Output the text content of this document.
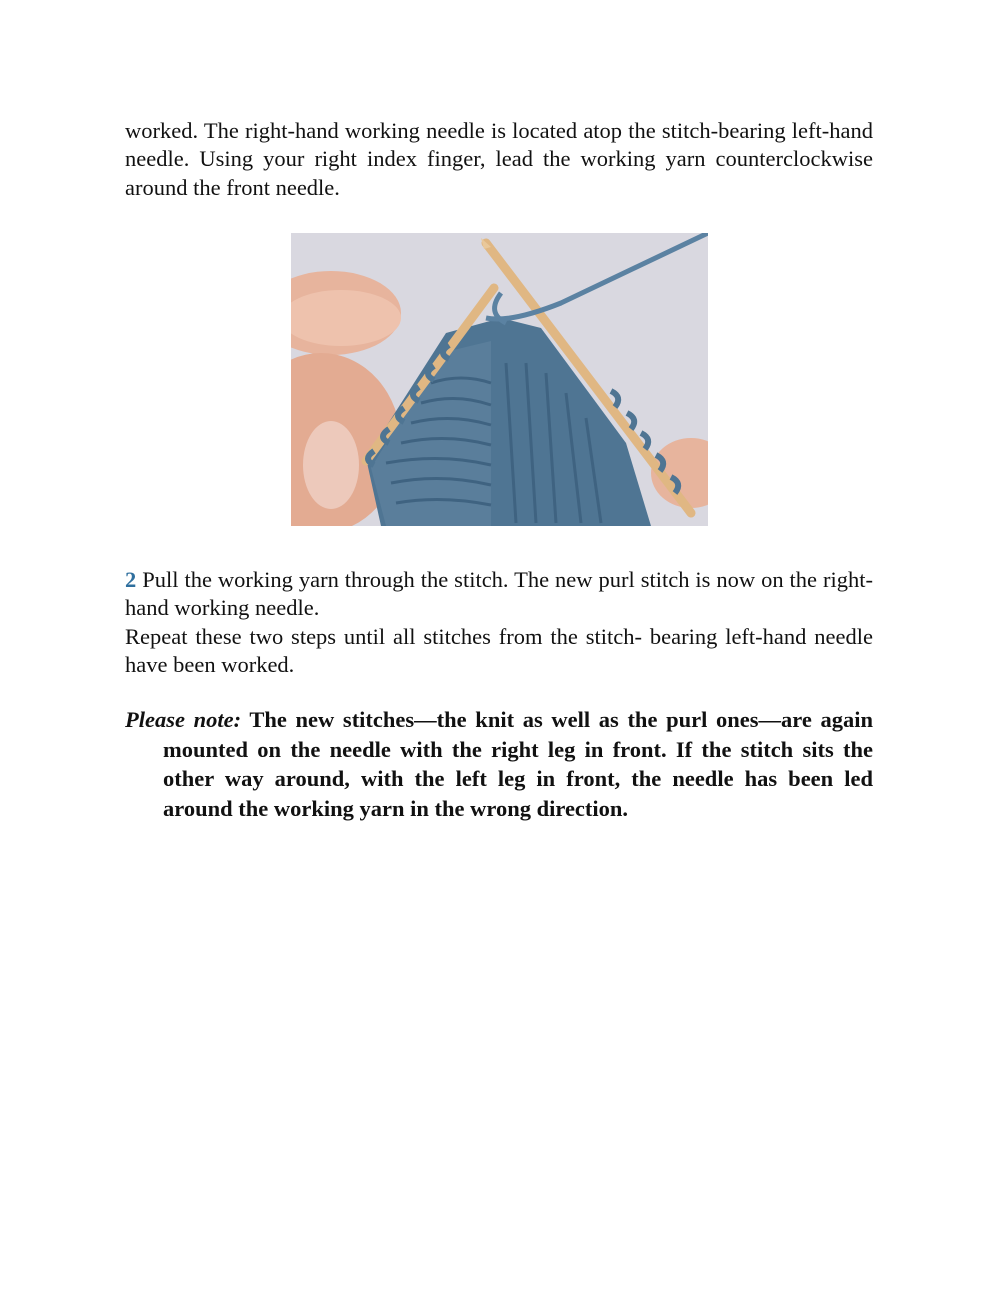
worked. The right-hand working needle is located atop the stitch-bearing left-hand needle. Using your right index finger, lead the working yarn counterclockwise around the front needle.

2 Pull the working yarn through the stitch. The new purl stitch is now on the right-hand working needle.
Repeat these two steps until all stitches from the stitch- bearing left-hand needle have been worked.

Please note: The new stitches—the knit as well as the purl ones—are again mounted on the needle with the right leg in front. If the stitch sits the other way around, with the left leg in front, the needle has been led around the working yarn in the wrong direction.
